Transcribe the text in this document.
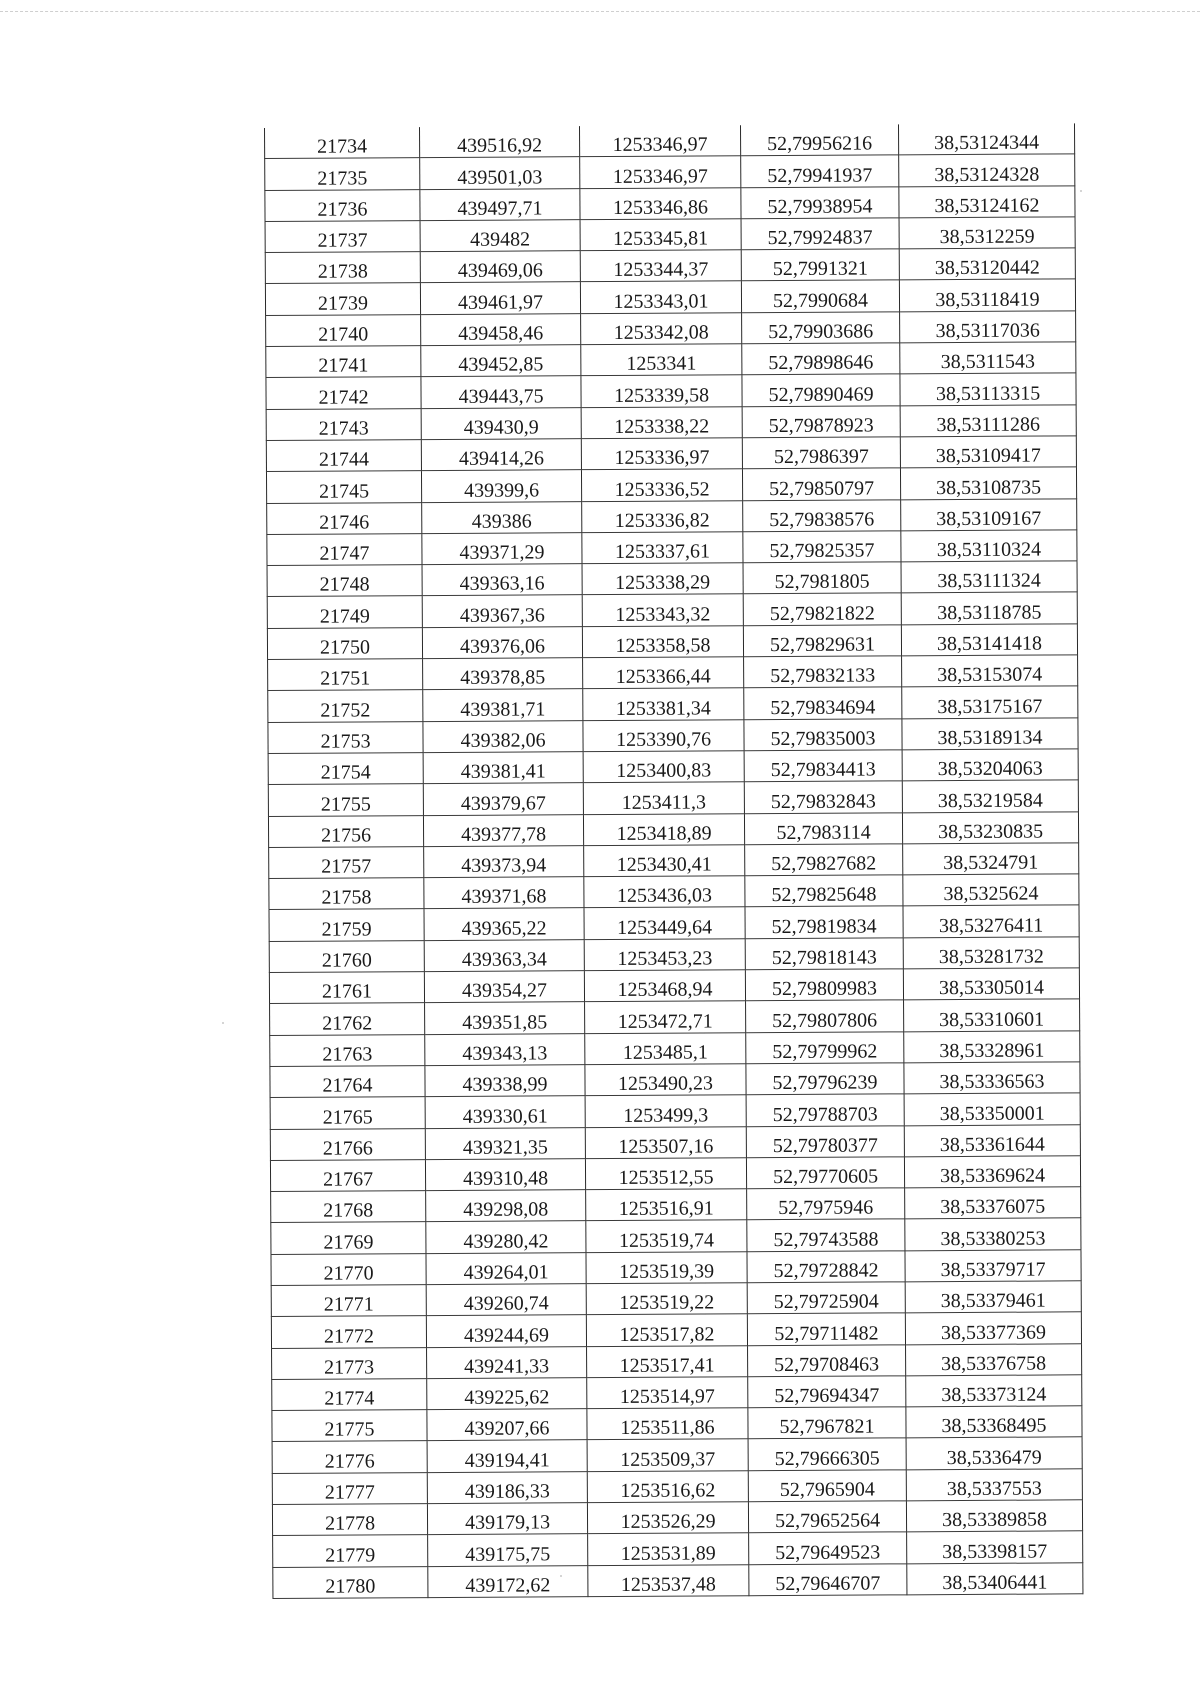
21734	439516,92	1253346,97	52,79956216	38,53124344
21735	439501,03	1253346,97	52,79941937	38,53124328
21736	439497,71	1253346,86	52,79938954	38,53124162
21737	439482	1253345,81	52,79924837	38,5312259
21738	439469,06	1253344,37	52,7991321	38,53120442
21739	439461,97	1253343,01	52,7990684	38,53118419
21740	439458,46	1253342,08	52,79903686	38,53117036
21741	439452,85	1253341	52,79898646	38,5311543
21742	439443,75	1253339,58	52,79890469	38,53113315
21743	439430,9	1253338,22	52,79878923	38,53111286
21744	439414,26	1253336,97	52,7986397	38,53109417
21745	439399,6	1253336,52	52,79850797	38,53108735
21746	439386	1253336,82	52,79838576	38,53109167
21747	439371,29	1253337,61	52,79825357	38,53110324
21748	439363,16	1253338,29	52,7981805	38,53111324
21749	439367,36	1253343,32	52,79821822	38,53118785
21750	439376,06	1253358,58	52,79829631	38,53141418
21751	439378,85	1253366,44	52,79832133	38,53153074
21752	439381,71	1253381,34	52,79834694	38,53175167
21753	439382,06	1253390,76	52,79835003	38,53189134
21754	439381,41	1253400,83	52,79834413	38,53204063
21755	439379,67	1253411,3	52,79832843	38,53219584
21756	439377,78	1253418,89	52,7983114	38,53230835
21757	439373,94	1253430,41	52,79827682	38,5324791
21758	439371,68	1253436,03	52,79825648	38,5325624
21759	439365,22	1253449,64	52,79819834	38,53276411
21760	439363,34	1253453,23	52,79818143	38,53281732
21761	439354,27	1253468,94	52,79809983	38,53305014
21762	439351,85	1253472,71	52,79807806	38,53310601
21763	439343,13	1253485,1	52,79799962	38,53328961
21764	439338,99	1253490,23	52,79796239	38,53336563
21765	439330,61	1253499,3	52,79788703	38,53350001
21766	439321,35	1253507,16	52,79780377	38,53361644
21767	439310,48	1253512,55	52,79770605	38,53369624
21768	439298,08	1253516,91	52,7975946	38,53376075
21769	439280,42	1253519,74	52,79743588	38,53380253
21770	439264,01	1253519,39	52,79728842	38,53379717
21771	439260,74	1253519,22	52,79725904	38,53379461
21772	439244,69	1253517,82	52,79711482	38,53377369
21773	439241,33	1253517,41	52,79708463	38,53376758
21774	439225,62	1253514,97	52,79694347	38,53373124
21775	439207,66	1253511,86	52,7967821	38,53368495
21776	439194,41	1253509,37	52,79666305	38,5336479
21777	439186,33	1253516,62	52,7965904	38,5337553
21778	439179,13	1253526,29	52,79652564	38,53389858
21779	439175,75	1253531,89	52,79649523	38,53398157
21780	439172,62	1253537,48	52,79646707	38,53406441
